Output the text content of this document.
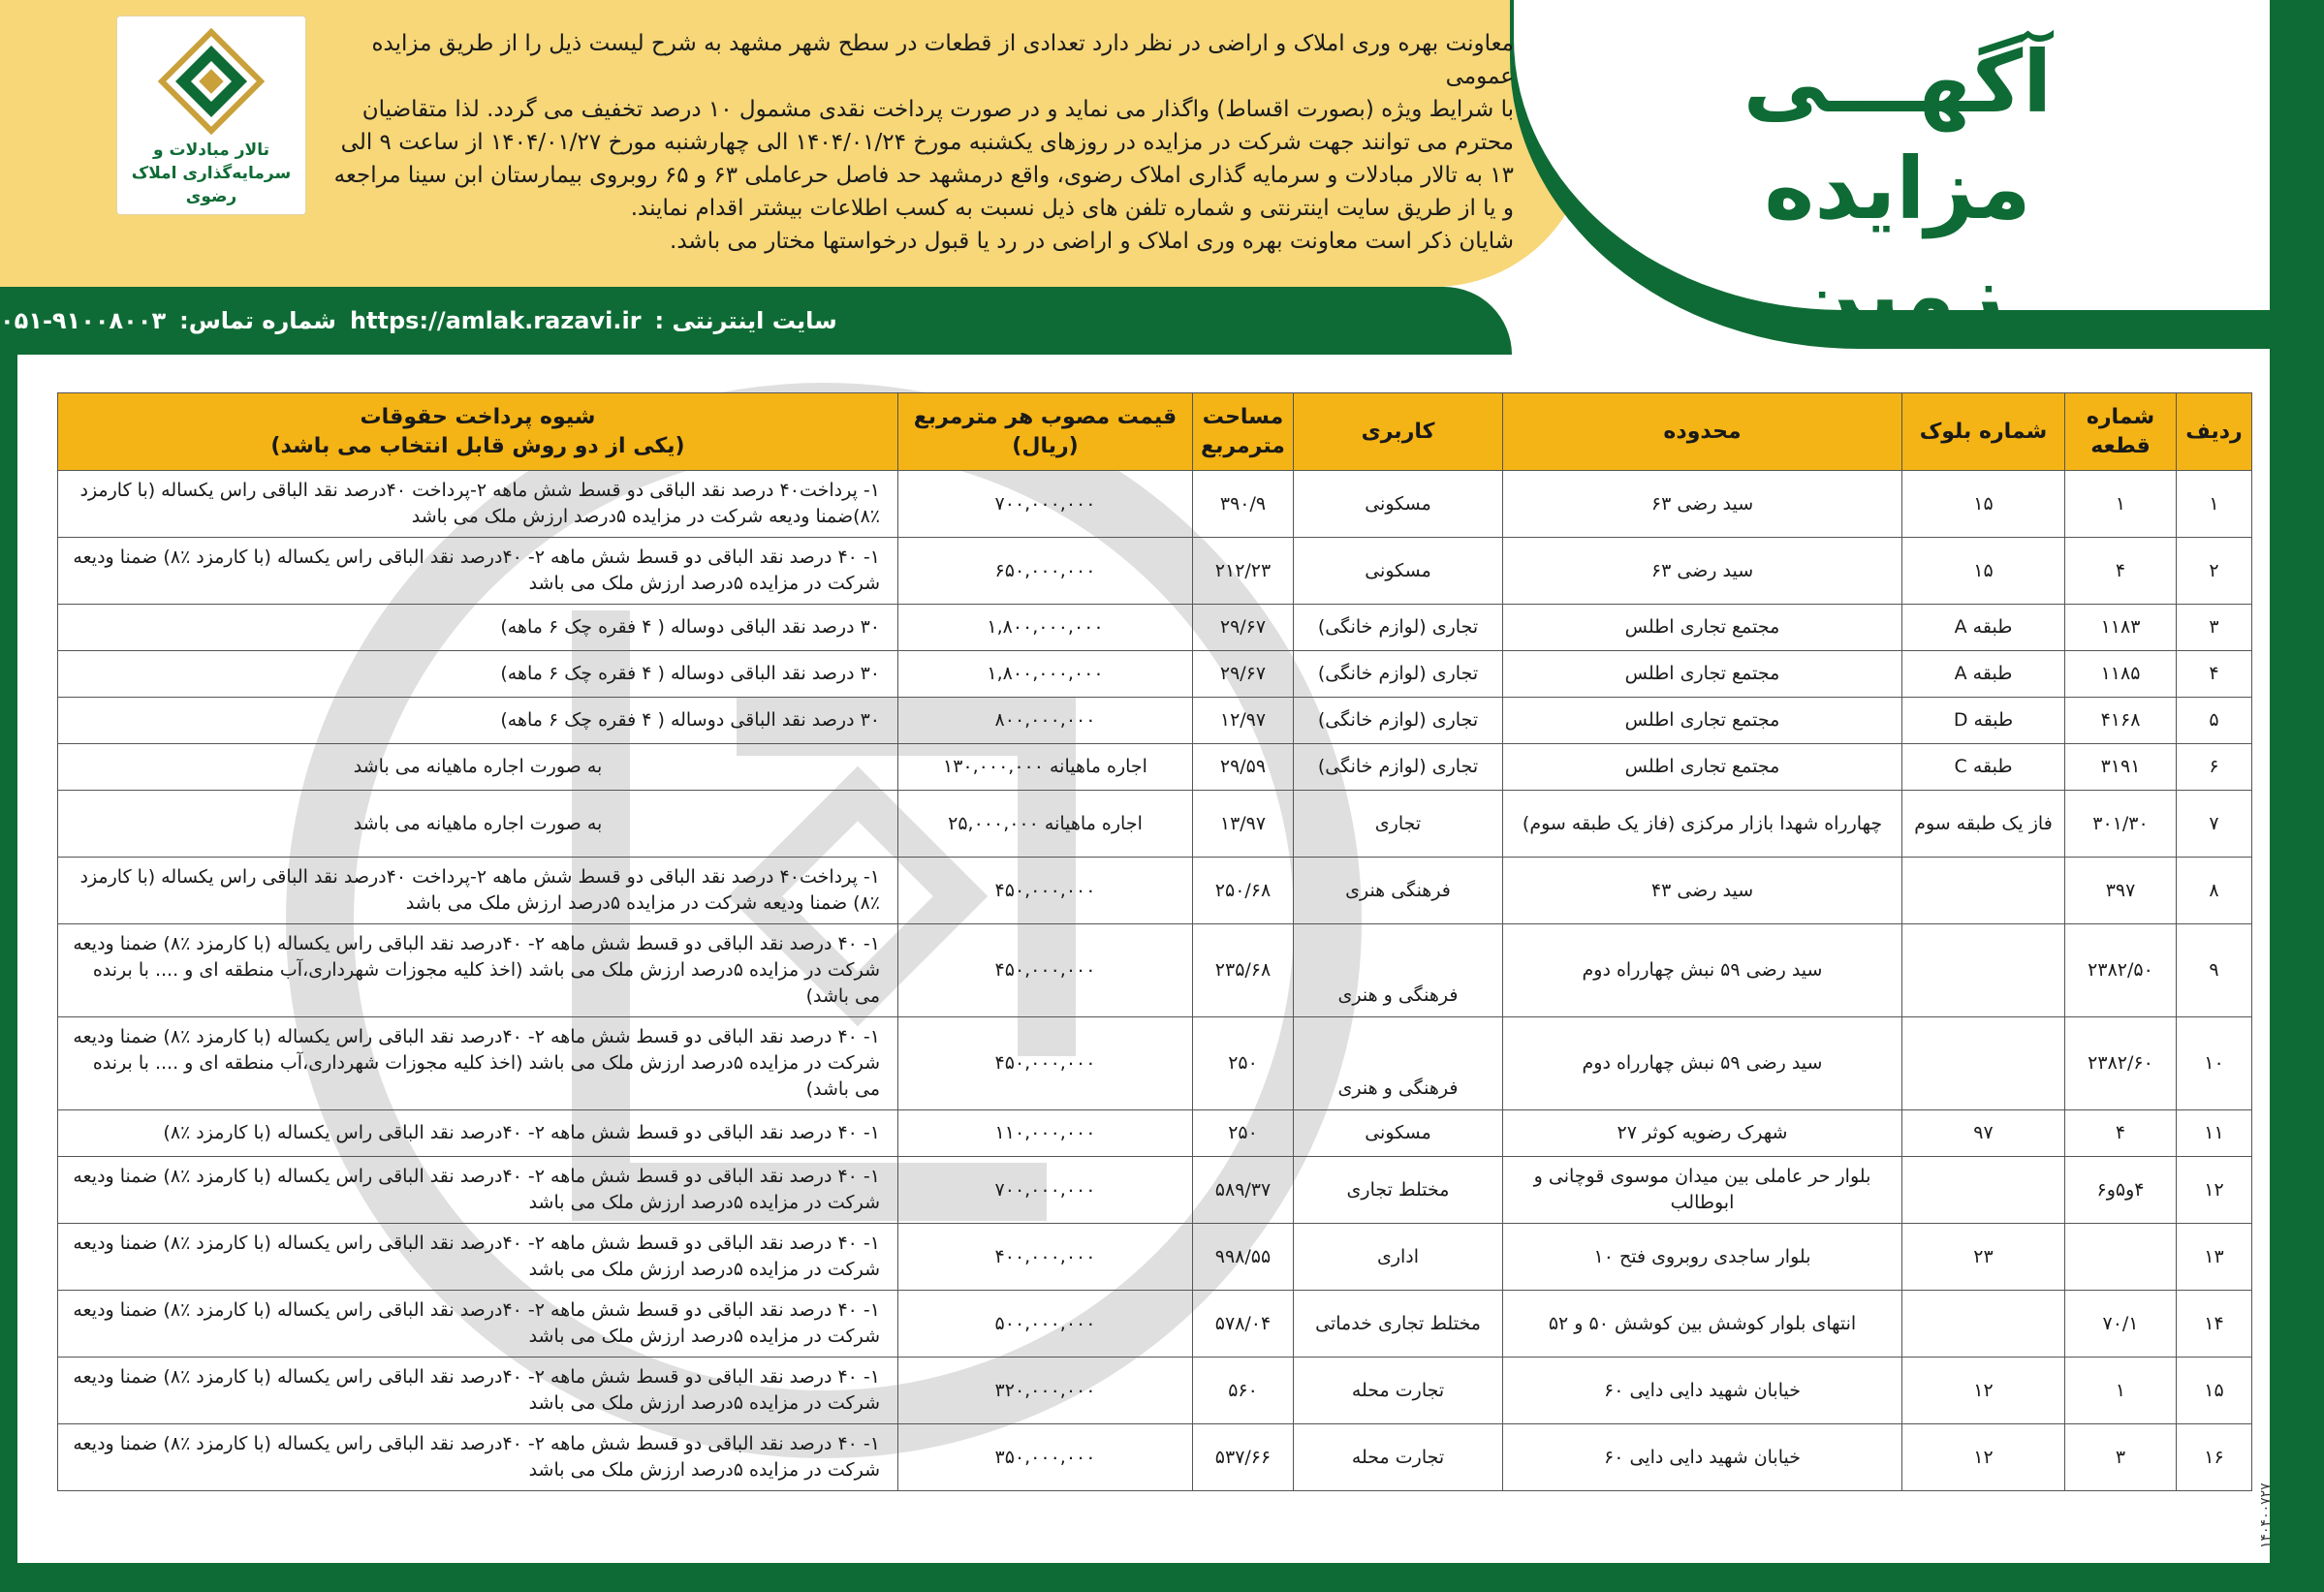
آگهـــی
مزایده زمین

معاونت بهره وری املاک و اراضی در نظر دارد تعدادی از قطعات در سطح شهر مشهد به شرح لیست ذیل را از طریق مزایده عمومی

با شرایط ویژه (بصورت اقساط) واگذار می نماید و در صورت پرداخت نقدی مشمول ۱۰ درصد تخفیف می گردد. لذا متقاضیان

محترم می توانند جهت شرکت در مزایده در روزهای یکشنبه مورخ ۱۴۰۴/۰۱/۲۴ الی چهارشنبه مورخ ۱۴۰۴/۰۱/۲۷ از ساعت ۹ الی

۱۳ به تالار مبادلات و سرمایه گذاری املاک رضوی، واقع درمشهد حد فاصل حرعاملی ۶۳ و ۶۵ روبروی بیمارستان ابن سینا مراجعه

و یا از طریق سایت اینترنتی و شماره تلفن های ذیل نسبت به کسب اطلاعات بیشتر اقدام نمایند.

شایان ذکر است معاونت بهره وری املاک و اراضی در رد یا قبول درخواستها مختار می باشد.

تالار مبادلات و
سرمایه‌گذاری املاک رضوی
سایت اینترنتی :
https://amlak.razavi.ir
شماره تماس:
۰۵۱-۹۱۰۰۸۰۰۳
ردیف	شماره قطعه	شماره بلوک	محدوده	کاربری	مساحت مترمربع	قیمت مصوب هر مترمربع (ریال)	شیوه پرداخت حقوقات
(یکی از دو روش قابل انتخاب می باشد)

۱	۱	۱۵	سید رضی ۶۳	مسکونی	۳۹۰/۹	۷۰۰,۰۰۰,۰۰۰	۱- پرداخت۴۰ درصد نقد الباقی دو قسط شش ماهه ۲-پرداخت ۴۰درصد نقد الباقی راس یکساله (با کارمزد ٪۸)ضمنا ودیعه شرکت در مزایده ۵درصد ارزش ملک می باشد
۲	۴	۱۵	سید رضی ۶۳	مسکونی	۲۱۲/۲۳	۶۵۰,۰۰۰,۰۰۰	۱- ۴۰ درصد نقد الباقی دو قسط شش ماهه ۲- ۴۰درصد نقد الباقی راس یکساله (با کارمزد ٪۸) ضمنا ودیعه شرکت در مزایده ۵درصد ارزش ملک می باشد
۳	۱۱۸۳	طبقه A	مجتمع تجاری اطلس	تجاری (لوازم خانگی)	۲۹/۶۷	۱,۸۰۰,۰۰۰,۰۰۰	۳۰ درصد نقد الباقی دوساله ( ۴ فقره چک ۶ ماهه)
۴	۱۱۸۵	طبقه A	مجتمع تجاری اطلس	تجاری (لوازم خانگی)	۲۹/۶۷	۱,۸۰۰,۰۰۰,۰۰۰	۳۰ درصد نقد الباقی دوساله ( ۴ فقره چک ۶ ماهه)
۵	۴۱۶۸	طبقه D	مجتمع تجاری اطلس	تجاری (لوازم خانگی)	۱۲/۹۷	۸۰۰,۰۰۰,۰۰۰	۳۰ درصد نقد الباقی دوساله ( ۴ فقره چک ۶ ماهه)
۶	۳۱۹۱	طبقه C	مجتمع تجاری اطلس	تجاری (لوازم خانگی)	۲۹/۵۹	اجاره ماهیانه ۱۳۰,۰۰۰,۰۰۰	به صورت اجاره ماهیانه می باشد
۷	۳۰۱/۳۰	فاز یک طبقه سوم	چهارراه شهدا بازار مرکزی (فاز یک طبقه سوم)	تجاری	۱۳/۹۷	اجاره ماهیانه ۲۵,۰۰۰,۰۰۰	به صورت اجاره ماهیانه می باشد
۸	۳۹۷		سید رضی ۴۳	فرهنگی هنری	۲۵۰/۶۸	۴۵۰,۰۰۰,۰۰۰	۱- پرداخت۴۰ درصد نقد الباقی دو قسط شش ماهه ۲-پرداخت ۴۰درصد نقد الباقی راس یکساله (با کارمزد ٪۸) ضمنا ودیعه شرکت در مزایده ۵درصد ارزش ملک می باشد
۹	۲۳۸۲/۵۰		سید رضی ۵۹ نبش چهارراه دوم	فرهنگی و هنری	۲۳۵/۶۸	۴۵۰,۰۰۰,۰۰۰	۱- ۴۰ درصد نقد الباقی دو قسط شش ماهه ۲- ۴۰درصد نقد الباقی راس یکساله (با کارمزد ٪۸) ضمنا ودیعه شرکت در مزایده ۵درصد ارزش ملک می باشد (اخذ کلیه مجوزات شهرداری،آب منطقه ای و .... با برنده می باشد)
۱۰	۲۳۸۲/۶۰		سید رضی ۵۹ نبش چهارراه دوم	فرهنگی و هنری	۲۵۰	۴۵۰,۰۰۰,۰۰۰	۱- ۴۰ درصد نقد الباقی دو قسط شش ماهه ۲- ۴۰درصد نقد الباقی راس یکساله (با کارمزد ٪۸) ضمنا ودیعه شرکت در مزایده ۵درصد ارزش ملک می باشد (اخذ کلیه مجوزات شهرداری،آب منطقه ای و .... با برنده می باشد)
۱۱	۴	۹۷	شهرک رضویه کوثر ۲۷	مسکونی	۲۵۰	۱۱۰,۰۰۰,۰۰۰	۱- ۴۰ درصد نقد الباقی دو قسط شش ماهه ۲- ۴۰درصد نقد الباقی راس یکساله (با کارمزد ٪۸)
۱۲	۴و۵و۶		بلوار حر عاملی بین میدان موسوی قوچانی و ابوطالب	مختلط تجاری	۵۸۹/۳۷	۷۰۰,۰۰۰,۰۰۰	۱- ۴۰ درصد نقد الباقی دو قسط شش ماهه ۲- ۴۰درصد نقد الباقی راس یکساله (با کارمزد ٪۸) ضمنا ودیعه شرکت در مزایده ۵درصد ارزش ملک می باشد
۱۳		۲۳	بلوار ساجدی روبروی فتح ۱۰	اداری	۹۹۸/۵۵	۴۰۰,۰۰۰,۰۰۰	۱- ۴۰ درصد نقد الباقی دو قسط شش ماهه ۲- ۴۰درصد نقد الباقی راس یکساله (با کارمزد ٪۸) ضمنا ودیعه شرکت در مزایده ۵درصد ارزش ملک می باشد
۱۴	۷۰/۱		انتهای بلوار کوشش بین کوشش ۵۰ و ۵۲	مختلط تجاری خدماتی	۵۷۸/۰۴	۵۰۰,۰۰۰,۰۰۰	۱- ۴۰ درصد نقد الباقی دو قسط شش ماهه ۲- ۴۰درصد نقد الباقی راس یکساله (با کارمزد ٪۸) ضمنا ودیعه شرکت در مزایده ۵درصد ارزش ملک می باشد
۱۵	۱	۱۲	خیابان شهید دایی دایی ۶۰	تجارت محله	۵۶۰	۳۲۰,۰۰۰,۰۰۰	۱- ۴۰ درصد نقد الباقی دو قسط شش ماهه ۲- ۴۰درصد نقد الباقی راس یکساله (با کارمزد ٪۸) ضمنا ودیعه شرکت در مزایده ۵درصد ارزش ملک می باشد
۱۶	۳	۱۲	خیابان شهید دایی دایی ۶۰	تجارت محله	۵۳۷/۶۶	۳۵۰,۰۰۰,۰۰۰	۱- ۴۰ درصد نقد الباقی دو قسط شش ماهه ۲- ۴۰درصد نقد الباقی راس یکساله (با کارمزد ٪۸) ضمنا ودیعه شرکت در مزایده ۵درصد ارزش ملک می باشد
۱۴۰۴۰۰۷۲۷
